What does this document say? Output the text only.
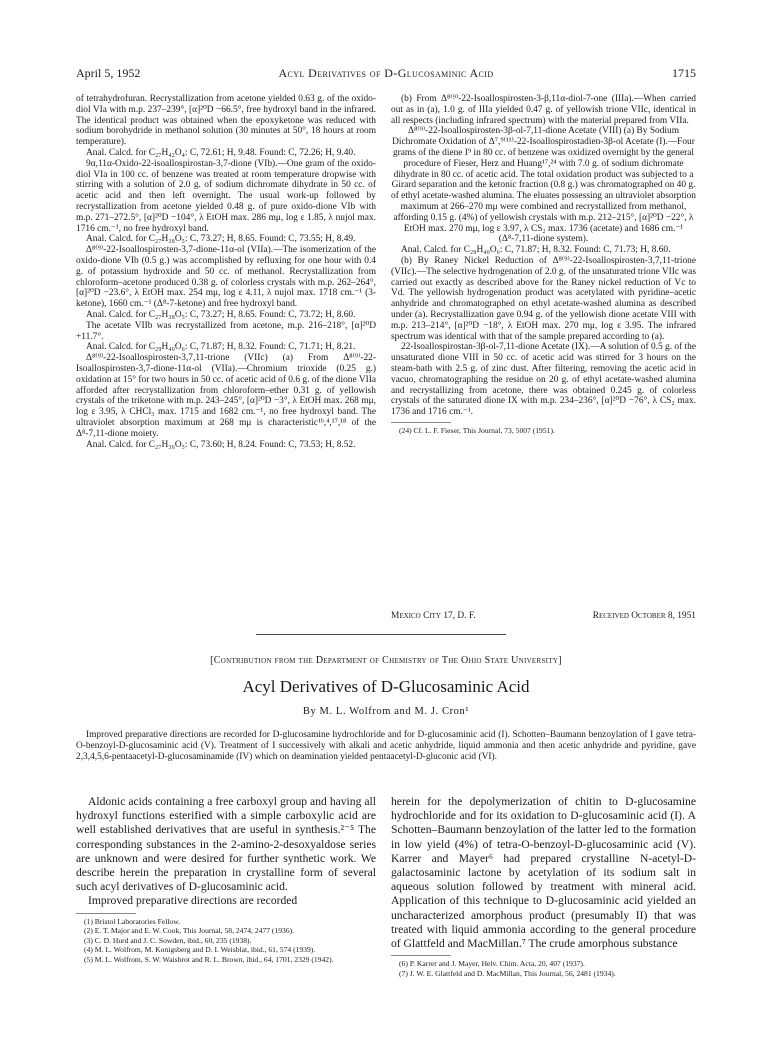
April 5, 1952	Acyl Derivatives of D-Glucosaminic Acid	1715

of tetrahydrofuran. Recrystallization from acetone yielded 0.63 g. of the oxido-diol VIa with m.p. 237–239°, [α]²⁰D −66.5°, free hydroxyl band in the infrared. The identical product was obtained when the epoxyketone was reduced with sodium borohydride in methanol solution (30 minutes at 50°, 18 hours at room temperature).

Anal. Calcd. for C₂₇H₄₂O₄: C, 72.61; H, 9.48. Found: C, 72.26; H, 9.40.

9α,11α-Oxido-22-isoallospirostan-3,7-dione (VIb).—One gram of the oxido-diol VIa in 100 cc. of benzene was treated at room temperature dropwise with stirring with a solution of 2.0 g. of sodium dichromate dihydrate in 50 cc. of acetic acid and then left overnight. The usual work-up followed by recrystallization from acetone yielded 0.48 g. of pure oxido-dione VIb with m.p. 271–272.5°, [α]²⁰D −104°, λ EtOH max. 286 mμ, log ε 1.85, λ nujol max. 1716 cm.⁻¹, no free hydroxyl band.

Anal. Calcd. for C₂₇H₃₈O₅: C, 73.27; H, 8.65. Found: C, 73.55; H, 8.49.

Δ⁸⁽⁹⁾-22-Isoallospirosten-3,7-dione-11α-ol (VIIa).—The isomerization of the oxido-dione VIb (0.5 g.) was accomplished by refluxing for one hour with 0.4 g. of potassium hydroxide and 50 cc. of methanol. Recrystallization from chloroform–acetone produced 0.38 g. of colorless crystals with m.p. 262–264°, [α]²⁰D −23.6°, λ EtOH max. 254 mμ, log ε 4.11, λ nujol max. 1718 cm.⁻¹ (3-ketone), 1660 cm.⁻¹ (Δ⁸-7-ketone) and free hydroxyl band.

Anal. Calcd. for C₂₇H₃₈O₅: C, 73.27; H, 8.65. Found: C, 73.72; H, 8.60.

The acetate VIIb was recrystallized from acetone, m.p. 216–218°, [α]²⁰D +11.7°.

Anal. Calcd. for C₂₉H₄₀O₆: C, 71.87; H, 8.32. Found: C, 71.71; H, 8.21.

Δ⁸⁽⁹⁾-22-Isoallospirosten-3,7,11-trione (VIIc) (a) From Δ⁸⁽⁹⁾-22-Isoallospirosten-3,7-dione-11α-ol (VIIa).—Chromium trioxide (0.25 g.) oxidation at 15° for two hours in 50 cc. of acetic acid of 0.6 g. of the dione VIIa afforded after recrystallization from chloroform–ether 0.31 g. of yellowish crystals of the triketone with m.p. 243–245°, [α]²⁰D −3°, λ EtOH max. 268 mμ, log ε 3.95, λ CHCl₃ max. 1715 and 1682 cm.⁻¹, no free hydroxyl band. The ultraviolet absorption maximum at 268 mμ is characteristic¹ᵇ,⁴,¹⁷,¹⁸ of the Δ⁸-7,11-dione moiety.

Anal. Calcd. for C₂₇H₃₆O₅: C, 73.60; H, 8.24. Found: C, 73.53; H, 8.52.

(b) From Δ⁸⁽⁹⁾-22-Isoallospirosten-3-β,11α-diol-7-one (IIIa).—When carried out as in (a), 1.0 g. of IIIa yielded 0.47 g. of yellowish trione VIIc, identical in all respects (including infrared spectrum) with the material prepared from VIIa.

Δ⁸⁽⁹⁾-22-Isoallospirosten-3β-ol-7,11-dione Acetate (VIII) (a) By Sodium Dichromate Oxidation of Δ⁷,⁹⁽¹¹⁾-22-Isoallospirostadien-3β-ol Acetate (I).—Four grams of the diene I⁹ in 80 cc. of benzene was oxidized overnight by the general procedure of Fieser, Herz and Huang¹⁷,²⁴ with 7.0 g. of sodium dichromate dihydrate in 80 cc. of acetic acid. The total oxidation product was subjected to a Girard separation and the ketonic fraction (0.8 g.) was chromatographed on 40 g. of ethyl acetate-washed alumina. The eluates possessing an ultraviolet absorption maximum at 266–270 mμ were combined and recrystallized from methanol, affording 0.15 g. (4%) of yellowish crystals with m.p. 212–215°, [α]²⁰D −22°, λ EtOH max. 270 mμ, log ε 3.97, λ CS₂ max. 1736 (acetate) and 1686 cm.⁻¹ (Δ⁸-7,11-dione system).

Anal. Calcd. for C₂₉H₄₀O₆: C, 71.87; H, 8.32. Found: C, 71.73; H, 8.60.

(b) By Raney Nickel Reduction of Δ⁸⁽⁹⁾-22-Isoallospirosten-3,7,11-trione (VIIc).—The selective hydrogenation of 2.0 g. of the unsaturated trione VIIc was carried out exactly as described above for the Raney nickel reduction of Vc to Vd. The yellowish hydrogenation product was acetylated with pyridine–acetic anhydride and chromatographed on ethyl acetate-washed alumina as described under (a). Recrystallization gave 0.94 g. of the yellowish dione acetate VIII with m.p. 213–214°, [α]²⁰D −18°, λ EtOH max. 270 mμ, log ε 3.95. The infrared spectrum was identical with that of the sample prepared according to (a).

22-Isoallospirostan-3β-ol-7,11-dione Acetate (IX).—A solution of 0.5 g. of the unsaturated dione VIII in 50 cc. of acetic acid was stirred for 3 hours on the steam-bath with 2.5 g. of zinc dust. After filtering, removing the acetic acid in vacuo, chromatographing the residue on 20 g. of ethyl acetate-washed alumina and recrystallizing from acetone, there was obtained 0.245 g. of colorless crystals of the saturated dione IX with m.p. 234–236°, [α]²⁰D −76°, λ CS₂ max. 1736 and 1716 cm.⁻¹.

(24) Cf. L. F. Fieser, This Journal, 73, 5007 (1951).

Mexico City 17, D. F.	Received October 8, 1951
[Contribution from the Department of Chemistry of The Ohio State University]
Acyl Derivatives of D-Glucosaminic Acid
By M. L. Wolfrom and M. J. Cron¹

Improved preparative directions are recorded for D-glucosamine hydrochloride and for D-glucosaminic acid (I). Schotten–Baumann benzoylation of I gave tetra-O-benzoyl-D-glucosaminic acid (V). Treatment of I successively with alkali and acetic anhydride, liquid ammonia and then acetic anhydride and pyridine, gave 2,3,4,5,6-pentaacetyl-D-glucosaminamide (IV) which on deamination yielded pentaacetyl-D-gluconic acid (VI).

Aldonic acids containing a free carboxyl group and having all hydroxyl functions esterified with a simple carboxylic acid are well established derivatives that are useful in synthesis.²⁻⁵ The corresponding substances in the 2-amino-2-desoxyaldose series are unknown and were desired for further synthetic work. We describe herein the preparation in crystalline form of several such acyl derivatives of D-glucosaminic acid.

Improved preparative directions are recorded

(1) Bristol Laboratories Fellow.

(2) E. T. Major and E. W. Cook, This Journal, 58, 2474, 2477 (1936).

(3) C. D. Hurd and J. C. Sowden, ibid., 60, 235 (1938).

(4) M. L. Wolfrom, M. Konigsberg and D. I. Weisblat, ibid., 61, 574 (1939).

(5) M. L. Wolfrom, S. W. Waisbrot and R. L. Brown, ibid., 64, 1701, 2329 (1942).

herein for the depolymerization of chitin to D-glucosamine hydrochloride and for its oxidation to D-glucosaminic acid (I). A Schotten–Baumann benzoylation of the latter led to the formation in low yield (4%) of tetra-O-benzoyl-D-glucosaminic acid (V). Karrer and Mayer⁶ had prepared crystalline N-acetyl-D-galactosaminic lactone by acetylation of its sodium salt in aqueous solution followed by treatment with mineral acid. Application of this technique to D-glucosaminic acid yielded an uncharacterized amorphous product (presumably II) that was treated with liquid ammonia according to the general procedure of Glattfeld and MacMillan.⁷ The crude amorphous substance

(6) P. Karrer and J. Mayer, Helv. Chim. Acta, 20, 407 (1937).

(7) J. W. E. Glattfeld and D. MacMillan, This Journal, 56, 2481 (1934).
